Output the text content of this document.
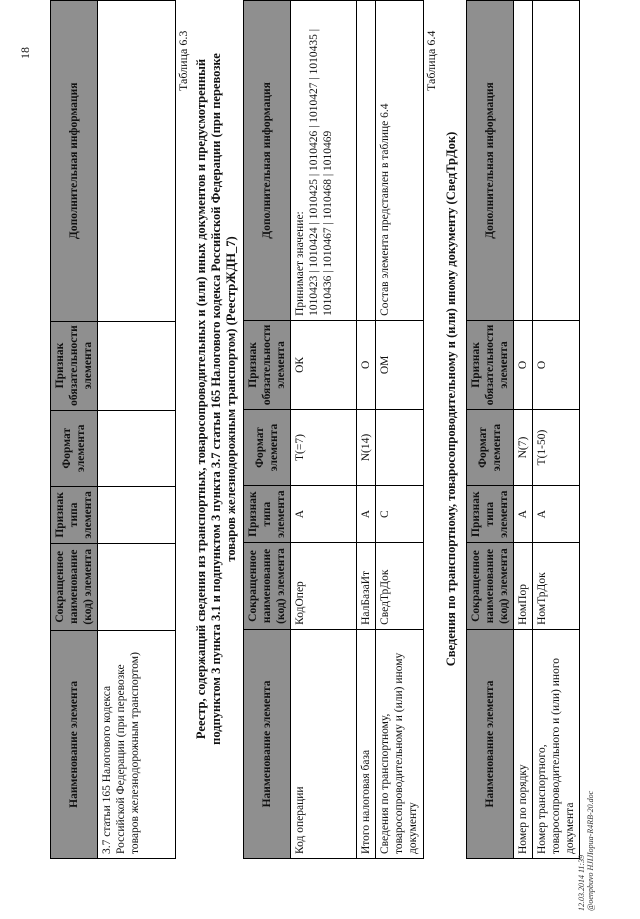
18
Наименование элемента	Сокращенное наименование (код) элемента	Признак типа элемента	Формат элемента	Признак обязательности элемента	Дополнительная информация
3.7 статьи 165 Налогового кодекса Российской Федерации (при перевозке товаров железнодорожным транспортом)					
Таблица 6.3 Реестр, содержащий сведения из транспортных, товаросопроводительных и (или) иных документов и предусмотренный подпунктом 3 пункта 3.1 и подпунктом 3 пункта 3.7 статьи 165 Налогового кодекса Российской Федерации (при перевозке товаров железнодорожным транспортом) (РеестрЖДН_7)
Наименование элемента	Сокращенное наименование (код) элемента	Признак типа элемента	Формат элемента	Признак обязательности элемента	Дополнительная информация
Код операции	КодОпер	А	T(=7)	ОК	Принимает значение: 1010423 | 1010424 | 1010425 | 1010426 | 1010427 | 1010435 | 1010436 | 1010467 | 1010468 | 1010469

Итого налоговая база	НалБазаИт	А	N(14)	О	
Сведения по транспортному, товаросопроводительному и (или) иному документу	СведТрДок	С		ОМ	Состав элемента представлен в таблице 6.4
Таблица 6.4
Сведения по транспортному, товаросопроводительному и (или) иному документу (СведТрДок)
Наименование элемента	Сокращенное наименование (код) элемента	Признак типа элемента	Формат элемента	Признак обязательности элемента	Дополнительная информация
Номер по порядку	НомПор	А	N(7)	О	
Номер транспортного, товаросопроводительного и (или) иного документа	НомТрДок	А	T(1-50)	О	
12.03.2014 11:39 @oenpbuvo HJIJIopua-R4RB-20.doc
